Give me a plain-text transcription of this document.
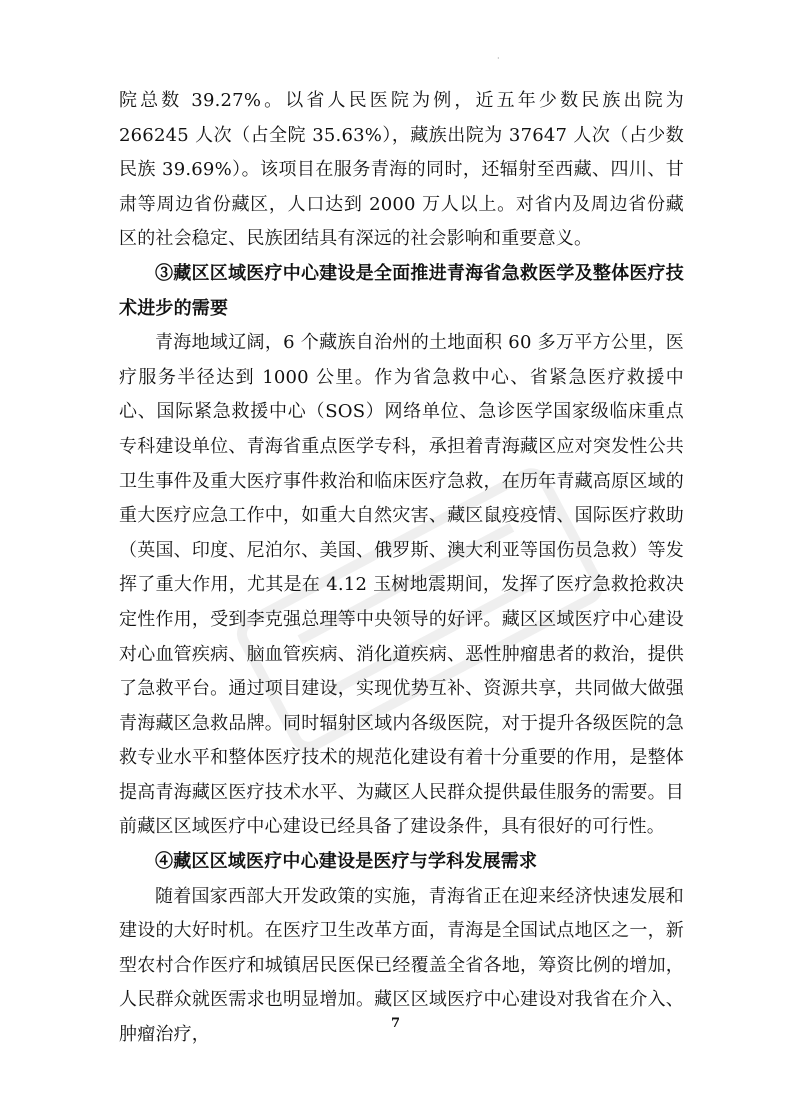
·

院总数 39.27%。以省人民医院为例，近五年少数民族出院为 266245 人次（占全院 35.63%），藏族出院为 37647 人次（占少数民族 39.69%）。该项目在服务青海的同时，还辐射至西藏、四川、甘肃等周边省份藏区，人口达到 2000 万人以上。对省内及周边省份藏区的社会稳定、民族团结具有深远的社会影响和重要意义。

③藏区区域医疗中心建设是全面推进青海省急救医学及整体医疗技术进步的需要

青海地域辽阔，6 个藏族自治州的土地面积 60 多万平方公里，医疗服务半径达到 1000 公里。作为省急救中心、省紧急医疗救援中心、国际紧急救援中心（SOS）网络单位、急诊医学国家级临床重点专科建设单位、青海省重点医学专科，承担着青海藏区应对突发性公共卫生事件及重大医疗事件救治和临床医疗急救，在历年青藏高原区域的重大医疗应急工作中，如重大自然灾害、藏区鼠疫疫情、国际医疗救助（英国、印度、尼泊尔、美国、俄罗斯、澳大利亚等国伤员急救）等发挥了重大作用，尤其是在 4.12 玉树地震期间，发挥了医疗急救抢救决定性作用，受到李克强总理等中央领导的好评。藏区区域医疗中心建设对心血管疾病、脑血管疾病、消化道疾病、恶性肿瘤患者的救治，提供了急救平台。通过项目建设，实现优势互补、资源共享，共同做大做强青海藏区急救品牌。同时辐射区域内各级医院，对于提升各级医院的急救专业水平和整体医疗技术的规范化建设有着十分重要的作用，是整体提高青海藏区医疗技术水平、为藏区人民群众提供最佳服务的需要。目前藏区区域医疗中心建设已经具备了建设条件，具有很好的可行性。

④藏区区域医疗中心建设是医疗与学科发展需求

随着国家西部大开发政策的实施，青海省正在迎来经济快速发展和建设的大好时机。在医疗卫生改革方面，青海是全国试点地区之一，新型农村合作医疗和城镇居民医保已经覆盖全省各地，筹资比例的增加，人民群众就医需求也明显增加。藏区区域医疗中心建设对我省在介入、肿瘤治疗，

7
